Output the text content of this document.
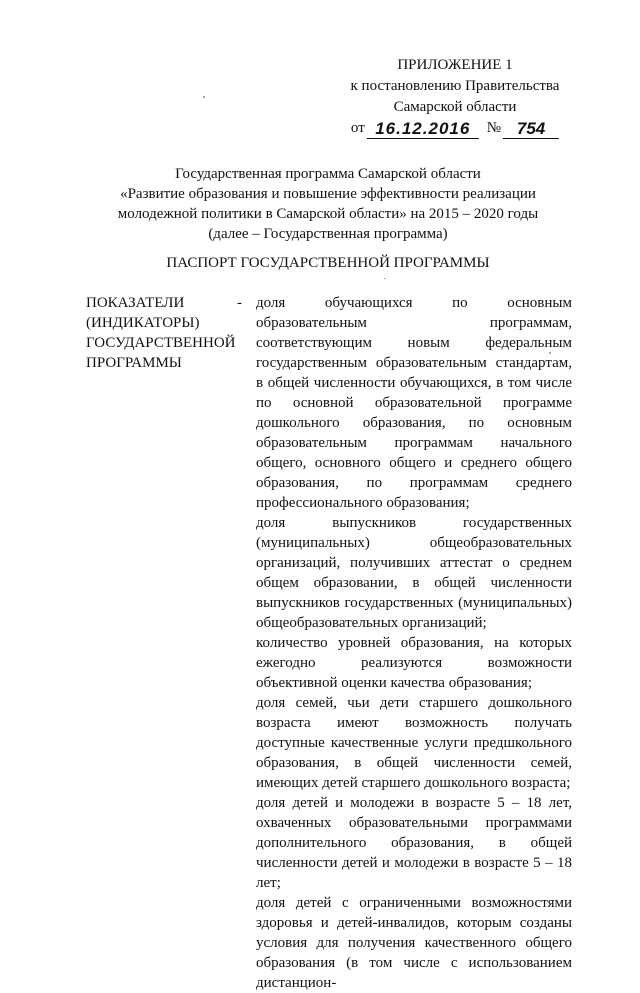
ПРИЛОЖЕНИЕ 1
к постановлению Правительства
Самарской области
от 16.12.2016	№ 754
Государственная программа Самарской области
«Развитие образования и повышение эффективности реализации
молодежной политики в Самарской области» на 2015 – 2020 годы
(далее – Государственная программа)
ПАСПОРТ ГОСУДАРСТВЕННОЙ ПРОГРАММЫ
ПОКАЗАТЕЛИ
(ИНДИКАТОРЫ)
ГОСУДАРСТВЕННОЙ
ПРОГРАММЫ
- доля обучающихся по основным образовательным программам, соответствующим новым федеральным государственным образовательным стандартам, в общей численности обучающихся, в том числе по основной образовательной программе дошкольного образования, по основным образовательным программам начального общего, основного общего и среднего общего образования, по программам среднего профессионального образования;

доля выпускников государственных (муниципальных) общеобразовательных организаций, получивших аттестат о среднем общем образовании, в общей численности выпускников государственных (муниципальных) общеобразовательных организаций;

количество уровней образования, на которых ежегодно реализуются возможности объективной оценки качества образования;

доля семей, чьи дети старшего дошкольного возраста имеют возможность получать доступные качественные услуги предшкольного образования, в общей численности семей, имеющих детей старшего дошкольного возраста;

доля детей и молодежи в возрасте 5 – 18 лет, охваченных образовательными программами дополнительного образования, в общей численности детей и молодежи в возрасте 5 – 18 лет;

доля детей с ограниченными возможностями здоровья и детей-инвалидов, которым созданы условия для получения качественного общего образования (в том числе с использованием дистанцион-
